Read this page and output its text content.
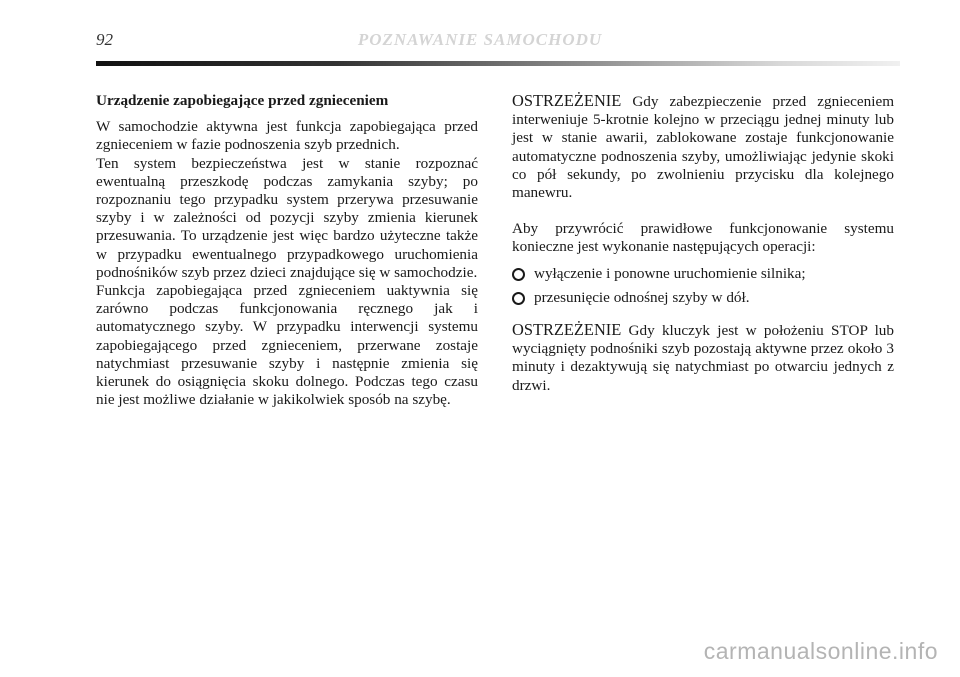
92	POZNAWANIE SAMOCHODU

Urządzenie zapobiegające przed zgnieceniem

W samochodzie aktywna jest funkcja zapobiegająca przed zgnieceniem w fazie podnoszenia szyb przednich.

Ten system bezpieczeństwa jest w stanie rozpoznać ewentualną przeszkodę podczas zamykania szyby; po rozpoznaniu tego przypadku system przerywa przesuwanie szyby i w zależności od pozycji szyby zmienia kierunek przesuwania. To urządzenie jest więc bardzo użyteczne także w przypadku ewentualnego przypadkowego uruchomienia podnośników szyb przez dzieci znajdujące się w samochodzie.

Funkcja zapobiegająca przed zgnieceniem uaktywnia się zarówno podczas funkcjonowania ręcznego jak i automatycznego szyby. W przypadku interwencji systemu zapobiegającego przed zgnieceniem, przerwane zostaje natychmiast przesuwanie szyby i następnie zmienia się kierunek do osiągnięcia skoku dolnego. Podczas tego czasu nie jest możliwe działanie w jakikolwiek sposób na szybę.

OSTRZEŻENIE Gdy zabezpieczenie przed zgnieceniem interweniuje 5-krotnie kolejno w przeciągu jednej minuty lub jest w stanie awarii, zablokowane zostaje funkcjonowanie automatyczne podnoszenia szyby, umożliwiając jedynie skoki co pół sekundy, po zwolnieniu przycisku dla kolejnego manewru.

Aby przywrócić prawidłowe funkcjonowanie systemu konieczne jest wykonanie następujących operacji:

wyłączenie i ponowne uruchomienie silnika;
przesunięcie odnośnej szyby w dół.

OSTRZEŻENIE Gdy kluczyk jest w położeniu STOP lub wyciągnięty podnośniki szyb pozostają aktywne przez około 3 minuty i dezaktywują się natychmiast po otwarciu jednych z drzwi.

carmanualsonline.info
